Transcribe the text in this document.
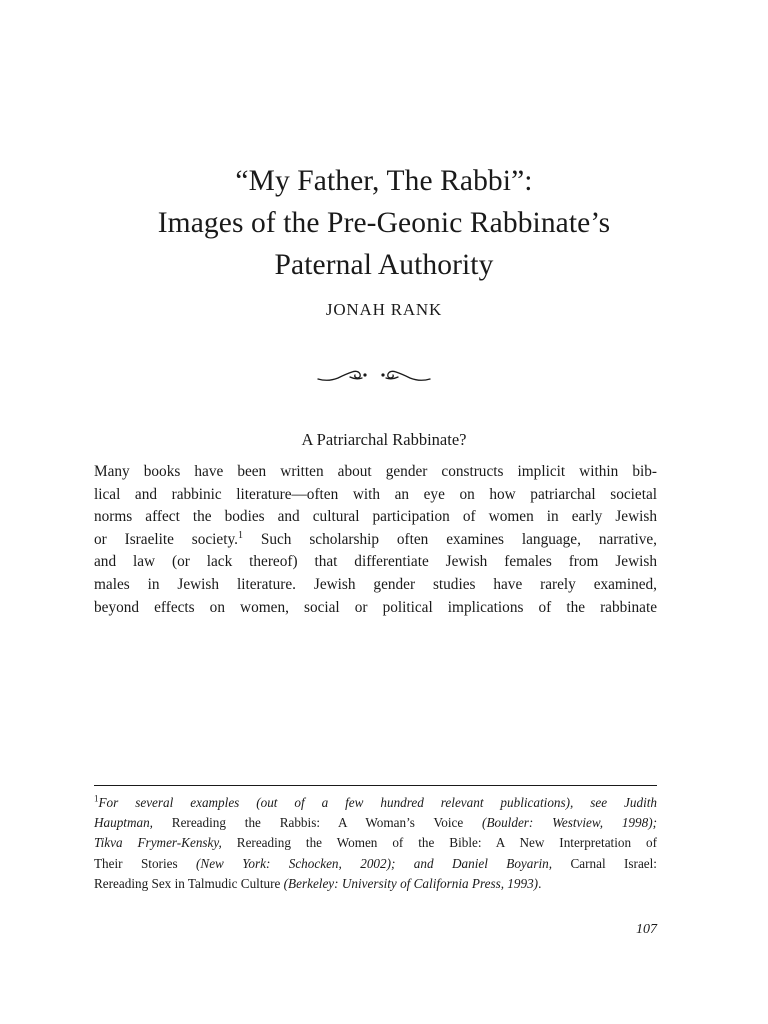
“My Father, The Rabbi”:
Images of the Pre-Geonic Rabbinate’s
Paternal Authority

JONAH RANK

A Patriarchal Rabbinate?
Many books have been written about gender constructs implicit within bib-
lical and rabbinic literature—often with an eye on how patriarchal societal
norms affect the bodies and cultural participation of women in early Jewish
or Israelite society.$^1$ Such scholarship often examines language, narrative,
and law (or lack thereof) that differentiate Jewish females from Jewish
males in Jewish literature. Jewish gender studies have rarely examined,
beyond effects on women, social or political implications of the rabbinate
$^1$For several examples (out of a few hundred relevant publications), see Judith
Hauptman, Rereading the Rabbis: A Woman’s Voice (Boulder: Westview, 1998);
Tikva Frymer-Kensky, Rereading the Women of the Bible: A New Interpretation of
Their Stories (New York: Schocken, 2002); and Daniel Boyarin, Carnal Israel:
Rereading Sex in Talmudic Culture (Berkeley: University of California Press, 1993).

107
